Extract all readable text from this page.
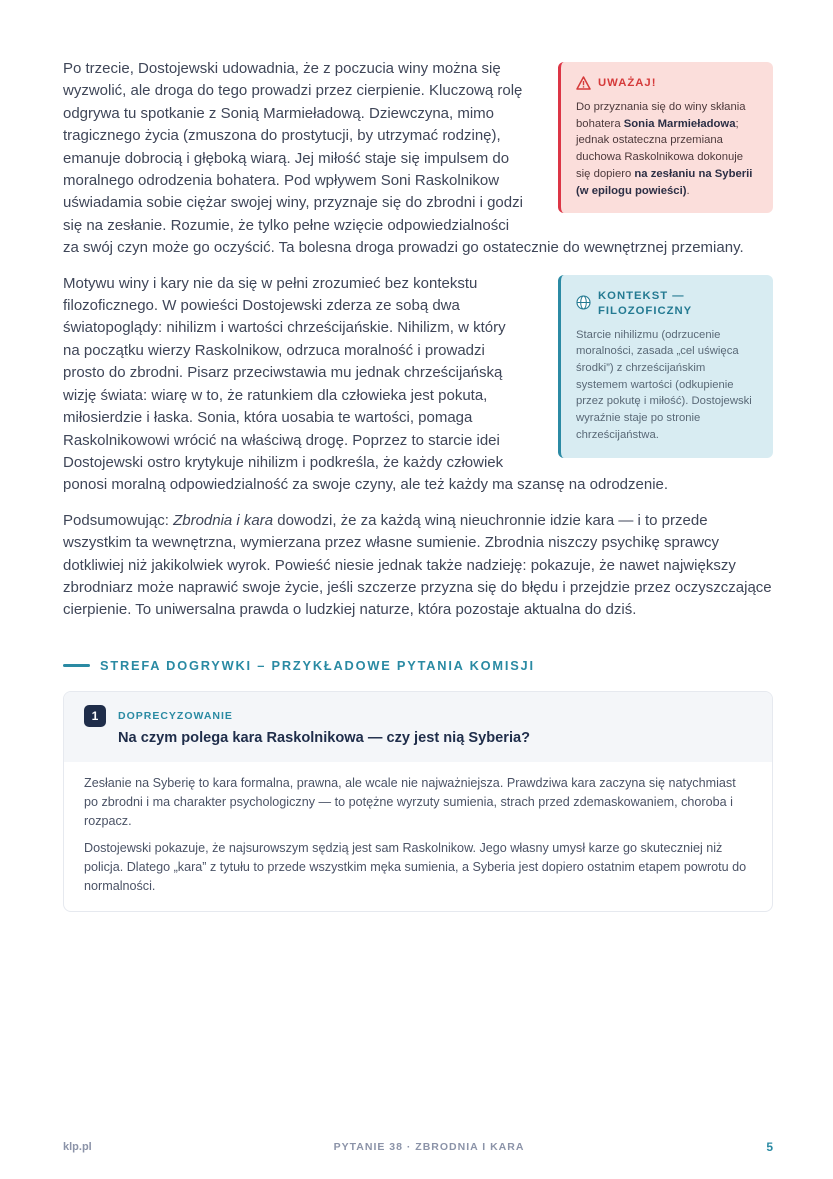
UWAŻAJ!

Do przyznania się do winy skłania bohatera Sonia Marmieładowa; jednak ostateczna przemiana duchowa Raskolnikowa dokonuje się dopiero na zesłaniu na Syberii (w epilogu powieści).

Po trzecie, Dostojewski udowadnia, że z poczucia winy można się wyzwolić, ale droga do tego prowadzi przez cierpienie. Kluczową rolę odgrywa tu spotkanie z Sonią Marmieładową. Dziewczyna, mimo tragicznego życia (zmuszona do prostytucji, by utrzymać rodzinę), emanuje dobrocią i głęboką wiarą. Jej miłość staje się impulsem do moralnego odrodzenia bohatera. Pod wpływem Soni Raskolnikow uświadamia sobie ciężar swojej winy, przyznaje się do zbrodni i godzi się na zesłanie. Rozumie, że tylko pełne wzięcie odpowiedzialności za swój czyn może go oczyścić. Ta bolesna droga prowadzi go ostatecznie do wewnętrznej przemiany.

KONTEKST — FILOZOFICZNY

Starcie nihilizmu (odrzucenie moralności, zasada „cel uświęca środki”) z chrześcijańskim systemem wartości (odkupienie przez pokutę i miłość). Dostojewski wyraźnie staje po stronie chrześcijaństwa.

Motywu winy i kary nie da się w pełni zrozumieć bez kontekstu filozoficznego. W powieści Dostojewski zderza ze sobą dwa światopoglądy: nihilizm i wartości chrześcijańskie. Nihilizm, w który na początku wierzy Raskolnikow, odrzuca moralność i prowadzi prosto do zbrodni. Pisarz przeciwstawia mu jednak chrześcijańską wizję świata: wiarę w to, że ratunkiem dla człowieka jest pokuta, miłosierdzie i łaska. Sonia, która uosabia te wartości, pomaga Raskolnikowowi wrócić na właściwą drogę. Poprzez to starcie idei Dostojewski ostro krytykuje nihilizm i podkreśla, że każdy człowiek ponosi moralną odpowiedzialność za swoje czyny, ale też każdy ma szansę na odrodzenie.

Podsumowując: Zbrodnia i kara dowodzi, że za każdą winą nieuchronnie idzie kara — i to przede wszystkim ta wewnętrzna, wymierzana przez własne sumienie. Zbrodnia niszczy psychikę sprawcy dotkliwiej niż jakikolwiek wyrok. Powieść niesie jednak także nadzieję: pokazuje, że nawet największy zbrodniarz może naprawić swoje życie, jeśli szczerze przyzna się do błędu i przejdzie przez oczyszczające cierpienie. To uniwersalna prawda o ludzkiej naturze, która pozostaje aktualna do dziś.

STREFA DOGRYWKI – PRZYKŁADOWE PYTANIA KOMISJI
1	DOPRECYZOWANIE
Na czym polega kara Raskolnikowa — czy jest nią Syberia?

Zesłanie na Syberię to kara formalna, prawna, ale wcale nie najważniejsza. Prawdziwa kara zaczyna się natychmiast po zbrodni i ma charakter psychologiczny — to potężne wyrzuty sumienia, strach przed zdemaskowaniem, choroba i rozpacz.

Dostojewski pokazuje, że najsurowszym sędzią jest sam Raskolnikow. Jego własny umysł karze go skuteczniej niż policja. Dlatego „kara” z tytułu to przede wszystkim męka sumienia, a Syberia jest dopiero ostatnim etapem powrotu do normalności.

klp.pl	PYTANIE 38 · ZBRODNIA I KARA	5
